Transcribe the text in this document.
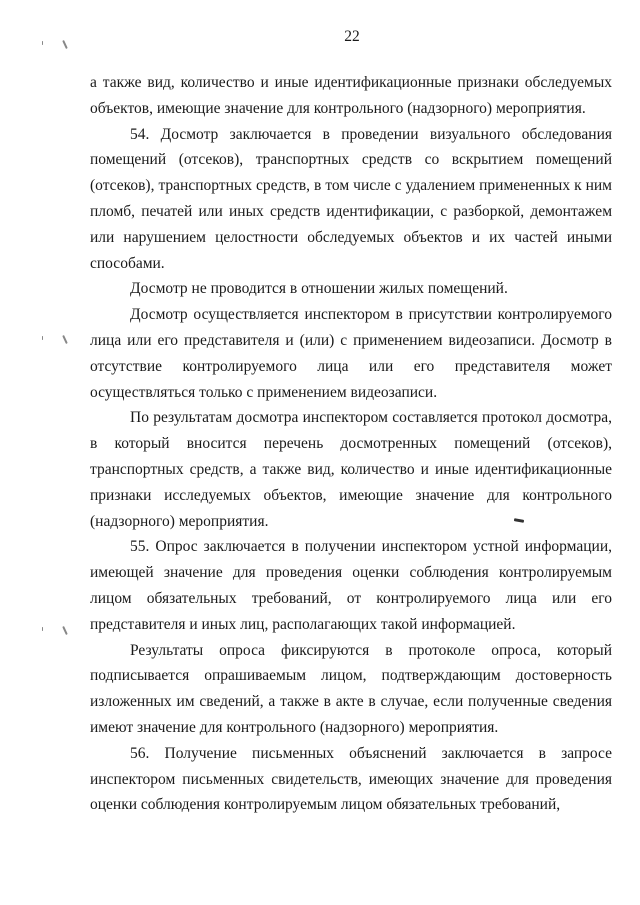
22

а также вид, количество и иные идентификационные признаки обследуемых объектов, имеющие значение для контрольного (надзорного) мероприятия.

54. Досмотр заключается в проведении визуального обследования помещений (отсеков), транспортных средств со вскрытием помещений (отсеков), транспортных средств, в том числе с удалением примененных к ним пломб, печатей или иных средств идентификации, с разборкой, демонтажем или нарушением целостности обследуемых объектов и их частей иными способами.

Досмотр не проводится в отношении жилых помещений.

Досмотр осуществляется инспектором в присутствии контролируемого лица или его представителя и (или) с применением видеозаписи. Досмотр в отсутствие контролируемого лица или его представителя может осуществляться только с применением видеозаписи.

По результатам досмотра инспектором составляется протокол досмотра, в который вносится перечень досмотренных помещений (отсеков), транспортных средств, а также вид, количество и иные идентификационные признаки исследуемых объектов, имеющие значение для контрольного (надзорного) мероприятия.

55. Опрос заключается в получении инспектором устной информации, имеющей значение для проведения оценки соблюдения контролируемым лицом обязательных требований, от контролируемого лица или его представителя и иных лиц, располагающих такой информацией.

Результаты опроса фиксируются в протоколе опроса, который подписывается опрашиваемым лицом, подтверждающим достоверность изложенных им сведений, а также в акте в случае, если полученные сведения имеют значение для контрольного (надзорного) мероприятия.

56. Получение письменных объяснений заключается в запросе инспектором письменных свидетельств, имеющих значение для проведения оценки соблюдения контролируемым лицом обязательных требований,
